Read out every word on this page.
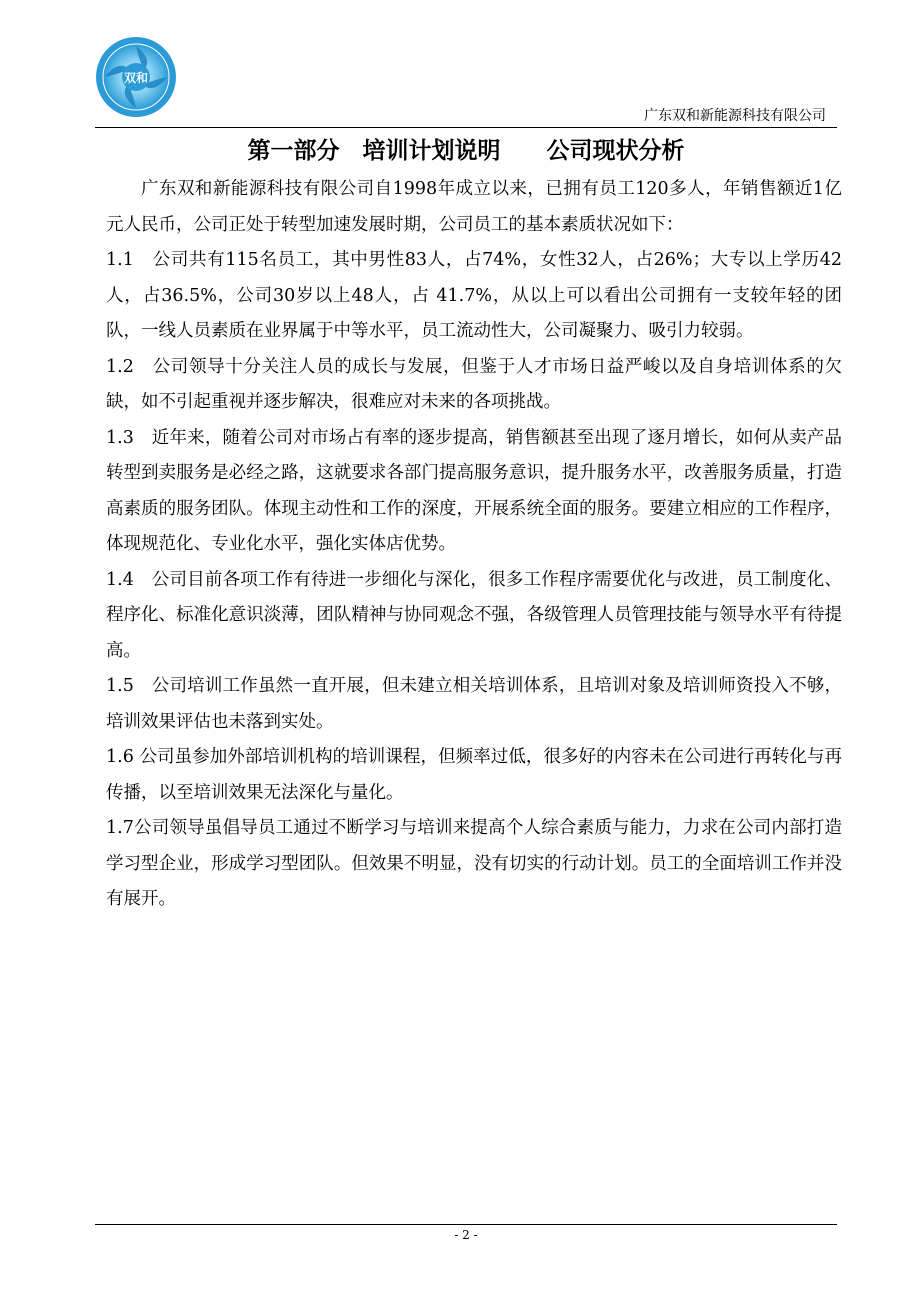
双和
广东双和新能源科技有限公司
第一部分　培训计划说明　　公司现状分析

广东双和新能源科技有限公司自1998年成立以来，已拥有员工120多人，年销售额近1亿元人民币，公司正处于转型加速发展时期，公司员工的基本素质状况如下：

1.1　公司共有115名员工，其中男性83人，占74%，女性32人，占26%；大专以上学历42人，占36.5%，公司30岁以上48人，占 41.7%，从以上可以看出公司拥有一支较年轻的团队，一线人员素质在业界属于中等水平，员工流动性大，公司凝聚力、吸引力较弱。

1.2　公司领导十分关注人员的成长与发展，但鉴于人才市场日益严峻以及自身培训体系的欠缺，如不引起重视并逐步解决，很难应对未来的各项挑战。

1.3　近年来，随着公司对市场占有率的逐步提高，销售额甚至出现了逐月增长，如何从卖产品转型到卖服务是必经之路，这就要求各部门提高服务意识，提升服务水平，改善服务质量，打造高素质的服务团队。体现主动性和工作的深度，开展系统全面的服务。要建立相应的工作程序，体现规范化、专业化水平，强化实体店优势。

1.4　公司目前各项工作有待进一步细化与深化，很多工作程序需要优化与改进，员工制度化、程序化、标准化意识淡薄，团队精神与协同观念不强，各级管理人员管理技能与领导水平有待提高。

1.5　公司培训工作虽然一直开展，但未建立相关培训体系，且培训对象及培训师资投入不够，培训效果评估也未落到实处。

1.6 公司虽参加外部培训机构的培训课程，但频率过低，很多好的内容未在公司进行再转化与再传播，以至培训效果无法深化与量化。

1.7公司领导虽倡导员工通过不断学习与培训来提高个人综合素质与能力，力求在公司内部打造学习型企业，形成学习型团队。但效果不明显，没有切实的行动计划。员工的全面培训工作并没有展开。

- 2 -
